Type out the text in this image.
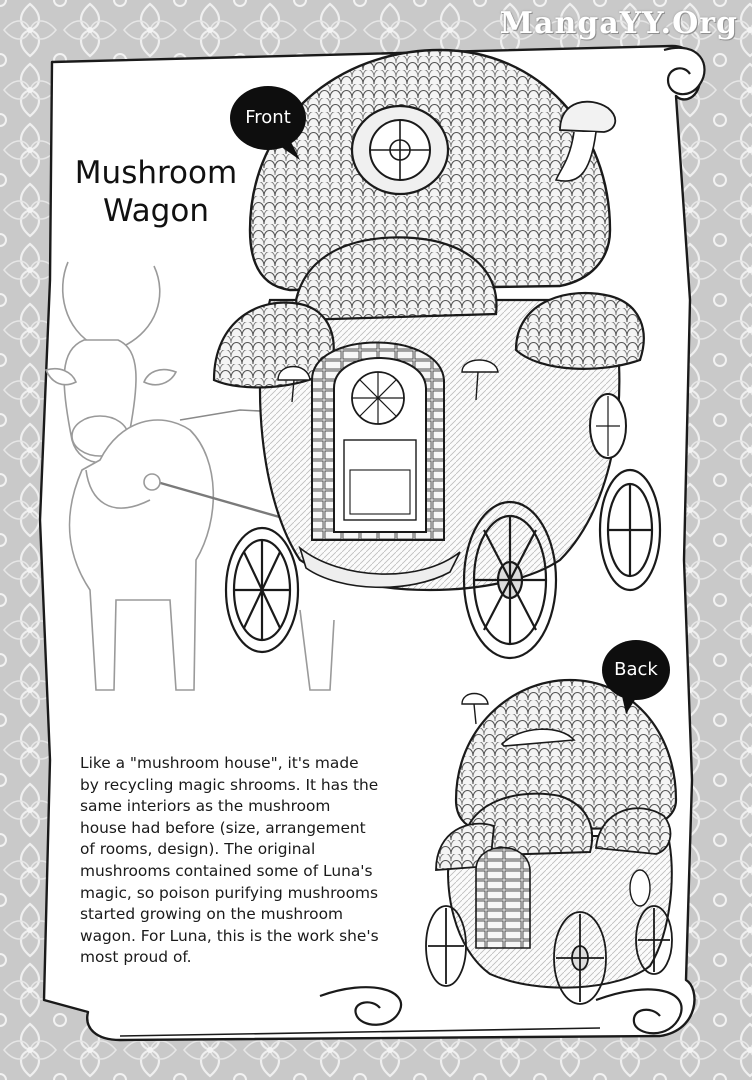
MangaYY.Org
Front
Back
Mushroom
Wagon
Like a "mushroom house", it's made by recycling magic shrooms. It has the same interiors as the mushroom house had before (size, arrangement of rooms, design). The original mushrooms contained some of Luna's magic, so poison purifying mushrooms started growing on the mushroom wagon. For Luna, this is the work she's most proud of.
